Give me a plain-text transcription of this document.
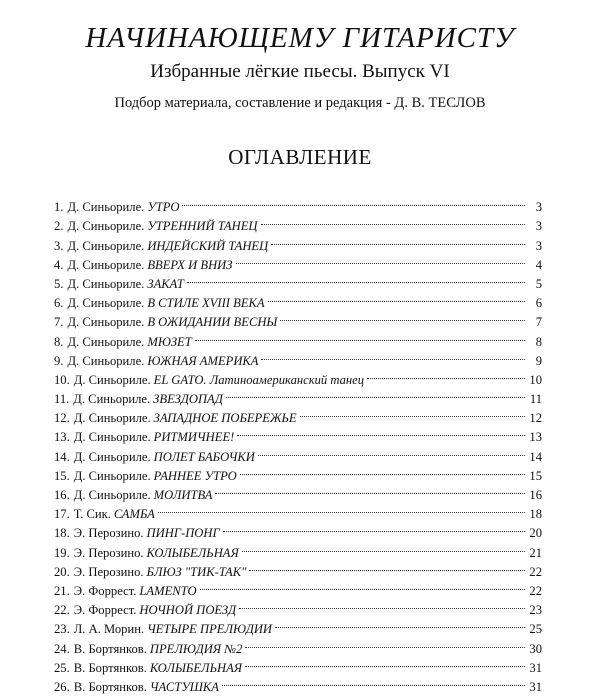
НАЧИНАЮЩЕМУ ГИТАРИСТУ
Избранные лёгкие пьесы. Выпуск VI
Подбор материала, составление и редакция - Д. В. ТЕСЛОВ
ОГЛАВЛЕНИЕ
1. Д. Синьориле. УТРО	3
2. Д. Синьориле. УТРЕННИЙ ТАНЕЦ	3
3. Д. Синьориле. ИНДЕЙСКИЙ ТАНЕЦ	3
4. Д. Синьориле. ВВЕРХ И ВНИЗ	4
5. Д. Синьориле. ЗАКАТ	5
6. Д. Синьориле. В СТИЛЕ XVIII ВЕКА	6
7. Д. Синьориле. В ОЖИДАНИИ ВЕСНЫ	7
8. Д. Синьориле. МЮЗЕТ	8
9. Д. Синьориле. ЮЖНАЯ АМЕРИКА	9
10. Д. Синьориле. EL GATO. Латиноамериканский танец	10
11. Д. Синьориле. ЗВЕЗДОПАД	11
12. Д. Синьориле. ЗАПАДНОЕ ПОБЕРЕЖЬЕ	12
13. Д. Синьориле. РИТМИЧНЕЕ!	13
14. Д. Синьориле. ПОЛЕТ БАБОЧКИ	14
15. Д. Синьориле. РАННЕЕ УТРО	15
16. Д. Синьориле. МОЛИТВА	16
17. Т. Сик. САМБА	18
18. Э. Перозино. ПИНГ-ПОНГ	20
19. Э. Перозино. КОЛЫБЕЛЬНАЯ	21
20. Э. Перозино. БЛЮЗ "ТИК-ТАК"	22
21. Э. Форрест. LAMENTO	22
22. Э. Форрест. НОЧНОЙ ПОЕЗД	23
23. Л. А. Морин. ЧЕТЫРЕ ПРЕЛЮДИИ	25
24. В. Бортянков. ПРЕЛЮДИЯ №2	30
25. В. Бортянков. КОЛЫБЕЛЬНАЯ	31
26. В. Бортянков. ЧАСТУШКА	31
